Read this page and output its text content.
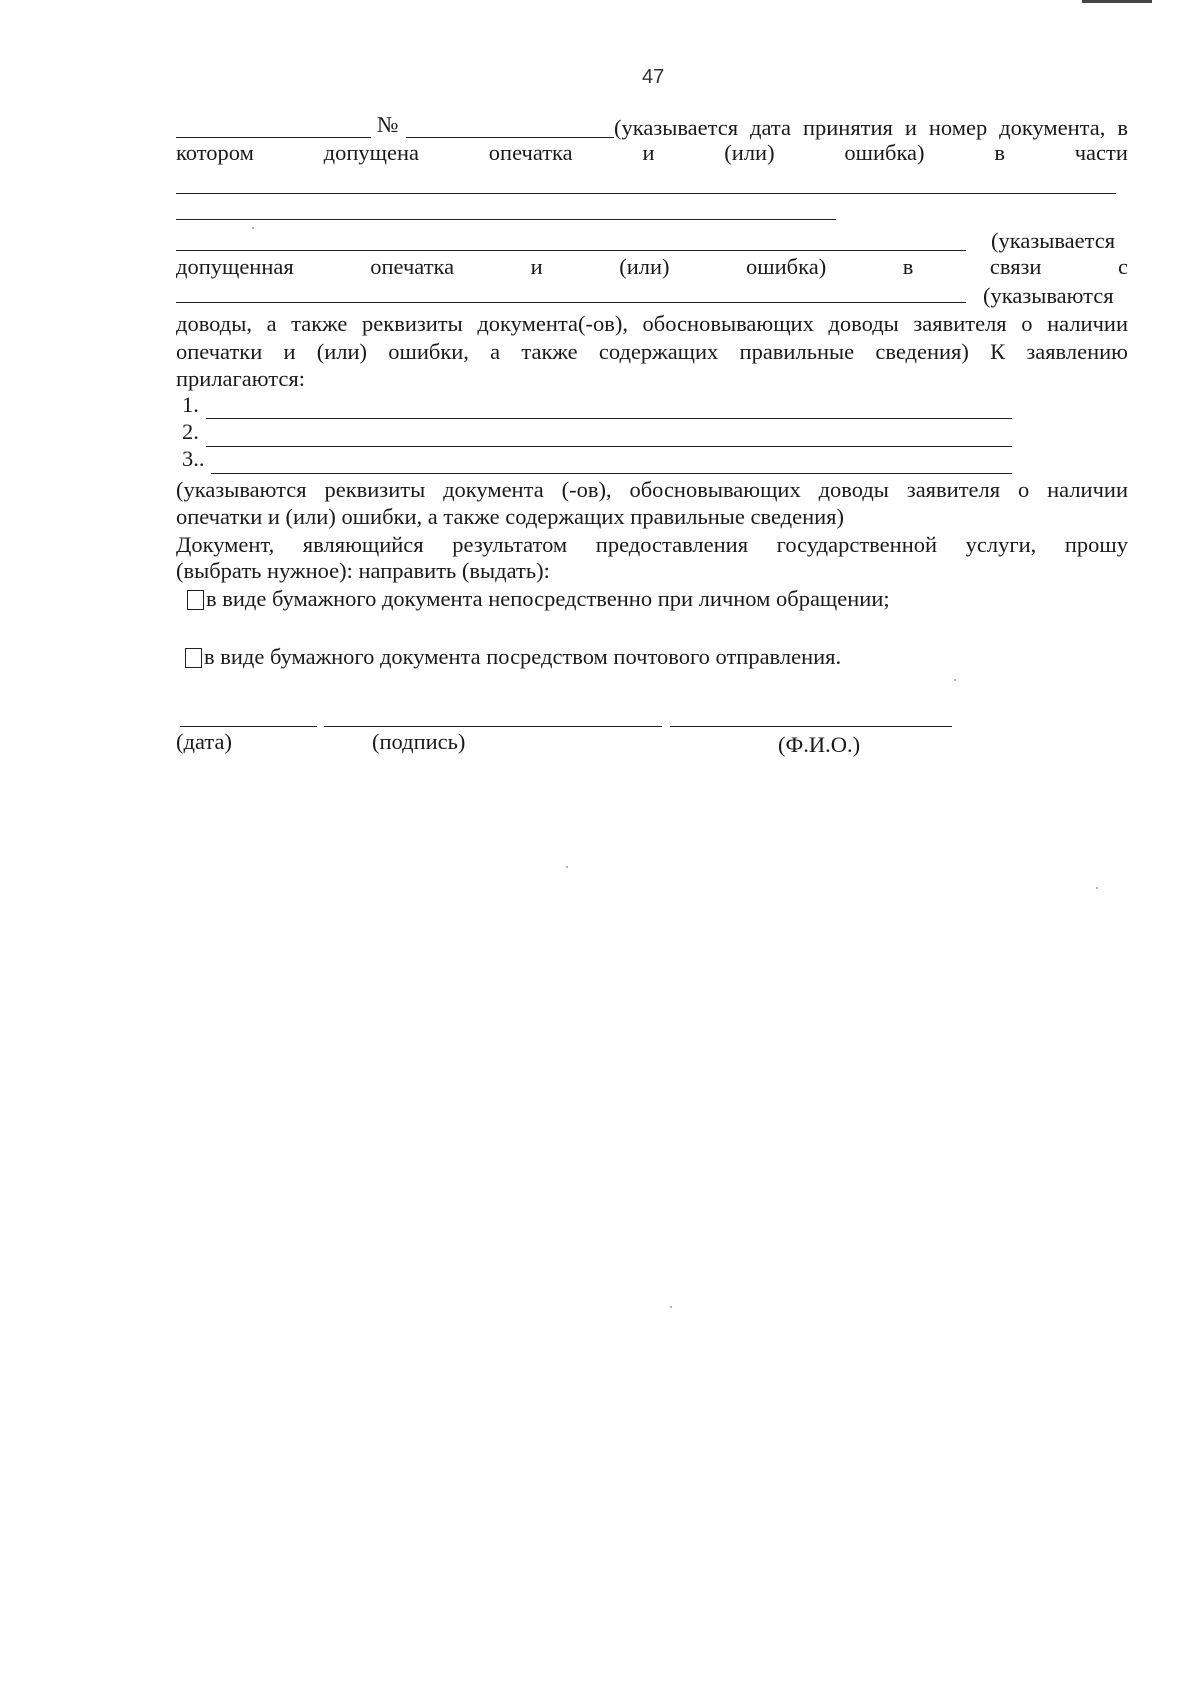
47
№	(указывается дата принятия и номер документа, в
котором	допущена	опечатка	и	(или)	ошибка)	в	части
(указывается
допущенная	опечатка	и	(или)	ошибка)	в	связи	с
(указываются
доводы, а также реквизиты документа(-ов), обосновывающих доводы заявителя о наличии
опечатки и (или) ошибки, а также содержащих правильные сведения) К заявлению
прилагаются:
1.
2.
3..
(указываются реквизиты документа (-ов), обосновывающих доводы заявителя о наличии
опечатки и (или) ошибки, а также содержащих правильные сведения)
Документ, являющийся результатом предоставления государственной услуги, прошу
(выбрать нужное): направить (выдать):
в виде бумажного документа непосредственно при личном обращении;
в виде бумажного документа посредством почтового отправления.
(дата)	(подпись)	(Ф.И.О.)
